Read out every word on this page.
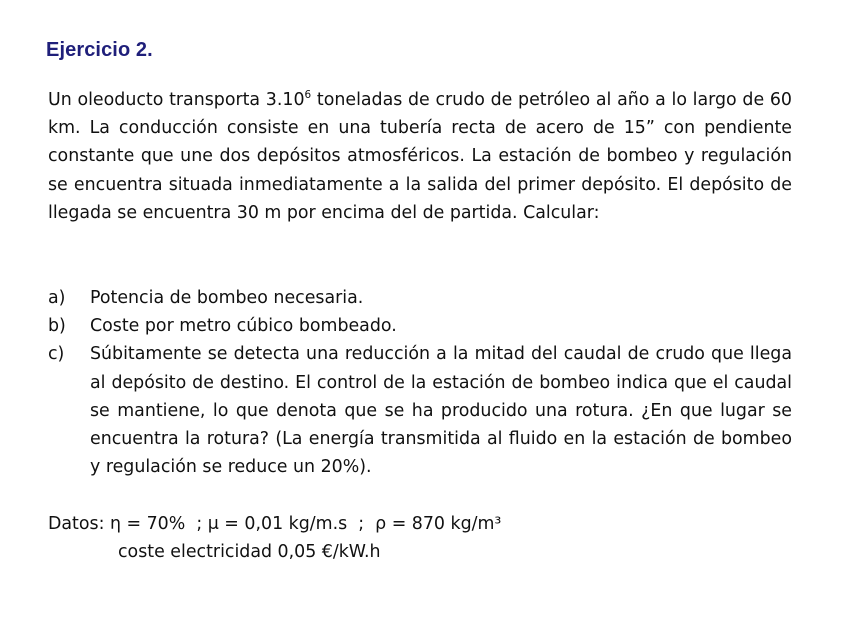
Ejercicio 2.

Un oleoducto transporta 3.10$^6$ toneladas de crudo de petróleo al año a lo largo de 60 km. La conducción consiste en una tubería recta de acero de 15” con pendiente constante que une dos depósitos atmosféricos. La estación de bombeo y regulación se encuentra situada inmediatamente a la salida del primer depósito. El depósito de llegada se encuentra 30 m por encima del de partida. Calcular:

a)	Potencia de bombeo necesaria.
b)	Coste por metro cúbico bombeado.
c)	Súbitamente se detecta una reducción a la mitad del caudal de crudo que llega al depósito de destino. El control de la estación de bombeo indica que el caudal se mantiene, lo que denota que se ha producido una rotura. ¿En que lugar se encuentra la rotura? (La energía transmitida al fluido en la estación de bombeo y regulación se reduce un 20%).
Datos: η = 70%  ; μ = 0,01 kg/m.s  ;  ρ = 870 kg/m³
coste electricidad 0,05 €/kW.h
